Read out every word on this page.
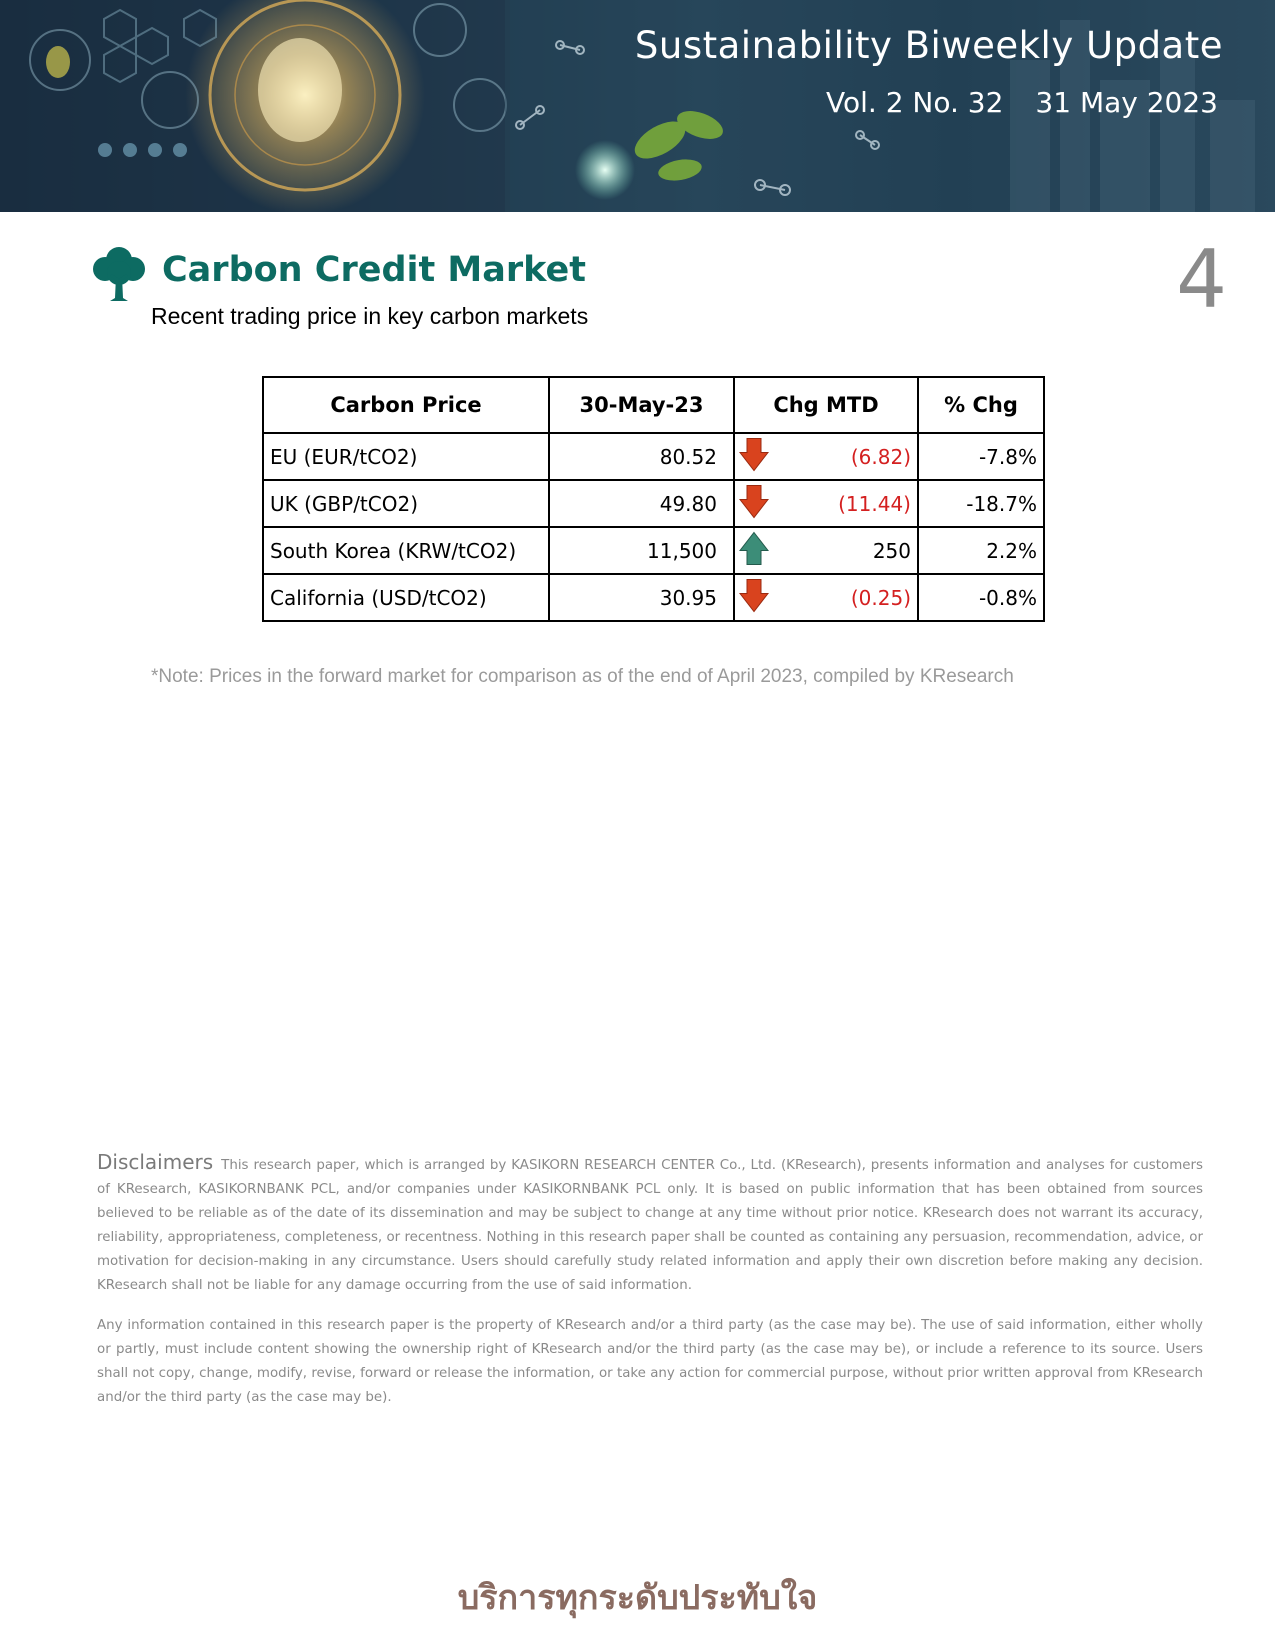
Sustainability Biweekly Update
Vol. 2 No. 32 31 May 2023
Carbon Credit Market
Recent trading price in key carbon markets	4
Carbon Price	30-May-23	Chg MTD	% Chg
EU (EUR/tCO2)	80.52	(6.82)	-7.8%
UK (GBP/tCO2)	49.80	(11.44)	-18.7%
South Korea (KRW/tCO2)	11,500	250	2.2%
California (USD/tCO2)	30.95	(0.25)	-0.8%
*Note: Prices in the forward market for comparison as of the end of April 2023, compiled by KResearch

Disclaimers This research paper, which is arranged by KASIKORN RESEARCH CENTER Co., Ltd. (KResearch), presents information and analyses for customers of KResearch, KASIKORNBANK PCL, and/or companies under KASIKORNBANK PCL only. It is based on public information that has been obtained from sources believed to be reliable as of the date of its dissemination and may be subject to change at any time without prior notice. KResearch does not warrant its accuracy, reliability, appropriateness, completeness, or recentness. Nothing in this research paper shall be counted as containing any persuasion, recommendation, advice, or motivation for decision-making in any circumstance. Users should carefully study related information and apply their own discretion before making any decision. KResearch shall not be liable for any damage occurring from the use of said information.

Any information contained in this research paper is the property of KResearch and/or a third party (as the case may be). The use of said information, either wholly or partly, must include content showing the ownership right of KResearch and/or the third party (as the case may be), or include a reference to its source. Users shall not copy, change, modify, revise, forward or release the information, or take any action for commercial purpose, without prior written approval from KResearch and/or the third party (as the case may be).

บริการทุกระดับประทับใจ
